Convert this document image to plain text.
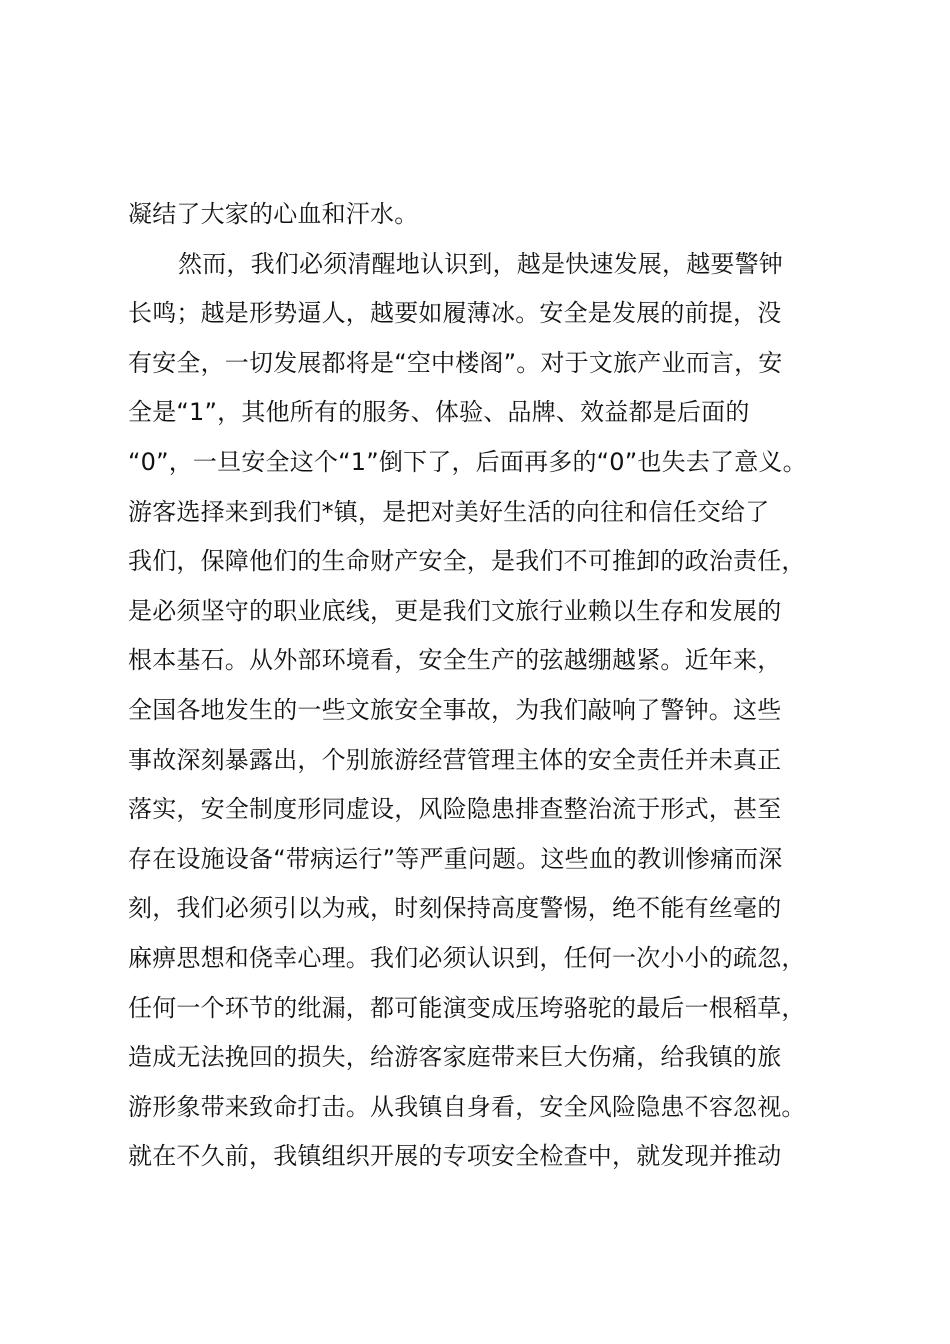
凝结了大家的心血和汗水。
然而，我们必须清醒地认识到，越是快速发展，越要警钟
长鸣；越是形势逼人，越要如履薄冰。安全是发展的前提，没
有安全，一切发展都将是“空中楼阁”。对于文旅产业而言，安
全是“1”，其他所有的服务、体验、品牌、效益都是后面的
“0”，一旦安全这个“1”倒下了，后面再多的“0”也失去了意义。
游客选择来到我们*镇，是把对美好生活的向往和信任交给了
我们，保障他们的生命财产安全，是我们不可推卸的政治责任，
是必须坚守的职业底线，更是我们文旅行业赖以生存和发展的
根本基石。从外部环境看，安全生产的弦越绷越紧。近年来，
全国各地发生的一些文旅安全事故，为我们敲响了警钟。这些
事故深刻暴露出，个别旅游经营管理主体的安全责任并未真正
落实，安全制度形同虚设，风险隐患排查整治流于形式，甚至
存在设施设备“带病运行”等严重问题。这些血的教训惨痛而深
刻，我们必须引以为戒，时刻保持高度警惕，绝不能有丝毫的
麻痹思想和侥幸心理。我们必须认识到，任何一次小小的疏忽，
任何一个环节的纰漏，都可能演变成压垮骆驼的最后一根稻草，
造成无法挽回的损失，给游客家庭带来巨大伤痛，给我镇的旅
游形象带来致命打击。从我镇自身看，安全风险隐患不容忽视。
就在不久前，我镇组织开展的专项安全检查中，就发现并推动
